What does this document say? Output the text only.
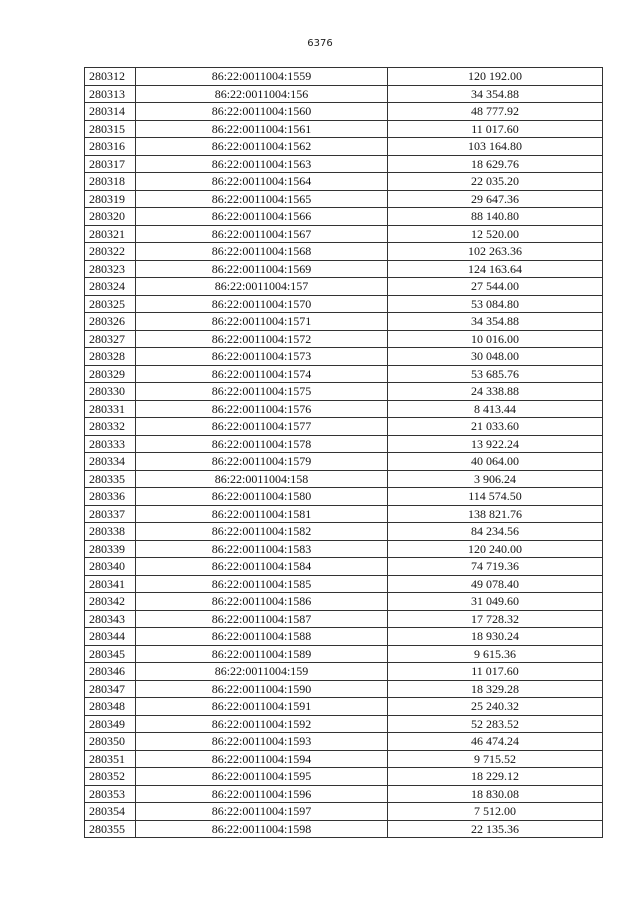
6376
280312	86:22:0011004:1559	120 192.00
280313	86:22:0011004:156	34 354.88
280314	86:22:0011004:1560	48 777.92
280315	86:22:0011004:1561	11 017.60
280316	86:22:0011004:1562	103 164.80
280317	86:22:0011004:1563	18 629.76
280318	86:22:0011004:1564	22 035.20
280319	86:22:0011004:1565	29 647.36
280320	86:22:0011004:1566	88 140.80
280321	86:22:0011004:1567	12 520.00
280322	86:22:0011004:1568	102 263.36
280323	86:22:0011004:1569	124 163.64
280324	86:22:0011004:157	27 544.00
280325	86:22:0011004:1570	53 084.80
280326	86:22:0011004:1571	34 354.88
280327	86:22:0011004:1572	10 016.00
280328	86:22:0011004:1573	30 048.00
280329	86:22:0011004:1574	53 685.76
280330	86:22:0011004:1575	24 338.88
280331	86:22:0011004:1576	8 413.44
280332	86:22:0011004:1577	21 033.60
280333	86:22:0011004:1578	13 922.24
280334	86:22:0011004:1579	40 064.00
280335	86:22:0011004:158	3 906.24
280336	86:22:0011004:1580	114 574.50
280337	86:22:0011004:1581	138 821.76
280338	86:22:0011004:1582	84 234.56
280339	86:22:0011004:1583	120 240.00
280340	86:22:0011004:1584	74 719.36
280341	86:22:0011004:1585	49 078.40
280342	86:22:0011004:1586	31 049.60
280343	86:22:0011004:1587	17 728.32
280344	86:22:0011004:1588	18 930.24
280345	86:22:0011004:1589	9 615.36
280346	86:22:0011004:159	11 017.60
280347	86:22:0011004:1590	18 329.28
280348	86:22:0011004:1591	25 240.32
280349	86:22:0011004:1592	52 283.52
280350	86:22:0011004:1593	46 474.24
280351	86:22:0011004:1594	9 715.52
280352	86:22:0011004:1595	18 229.12
280353	86:22:0011004:1596	18 830.08
280354	86:22:0011004:1597	7 512.00
280355	86:22:0011004:1598	22 135.36
